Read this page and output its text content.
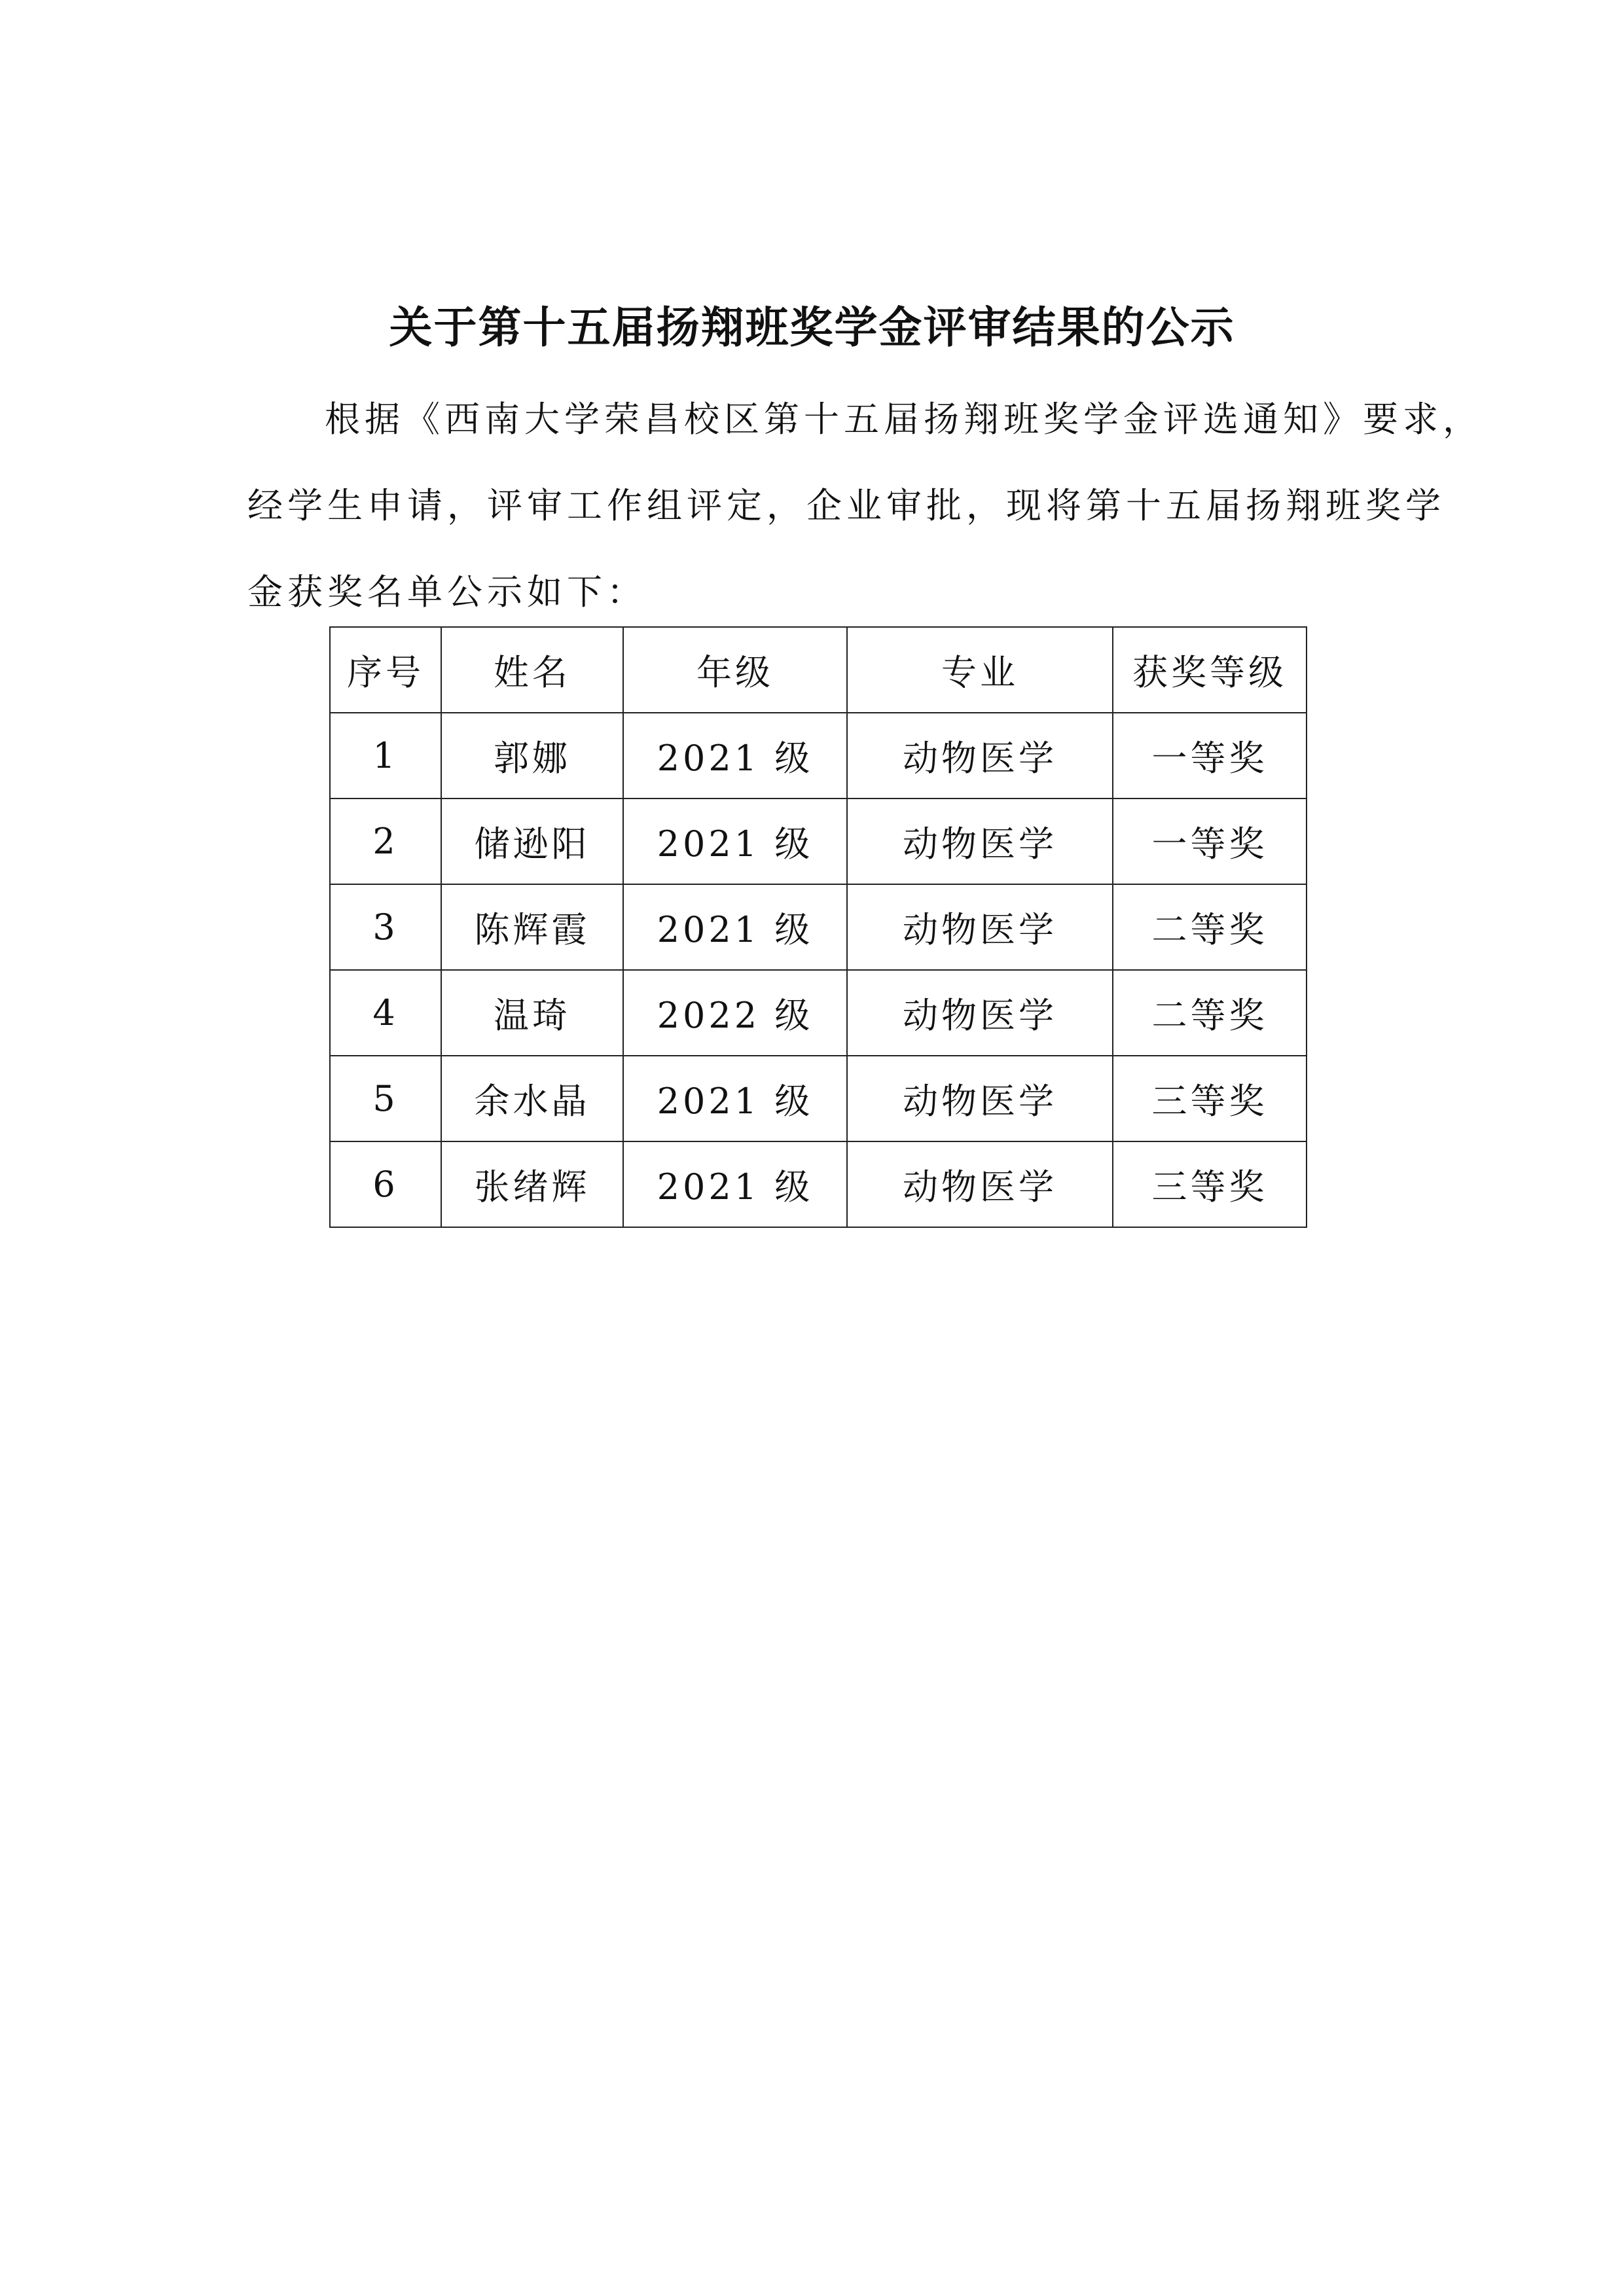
关于第十五届扬翔班奖学金评审结果的公示
根据《西南大学荣昌校区第十五届扬翔班奖学金评选通知》要求，
经学生申请，评审工作组评定，企业审批，现将第十五届扬翔班奖学
金获奖名单公示如下：
序号	姓名	年级	专业	获奖等级
1	郭娜	2021 级	动物医学	一等奖
2	储逊阳	2021 级	动物医学	一等奖
3	陈辉霞	2021 级	动物医学	二等奖
4	温琦	2022 级	动物医学	二等奖
5	余水晶	2021 级	动物医学	三等奖
6	张绪辉	2021 级	动物医学	三等奖
